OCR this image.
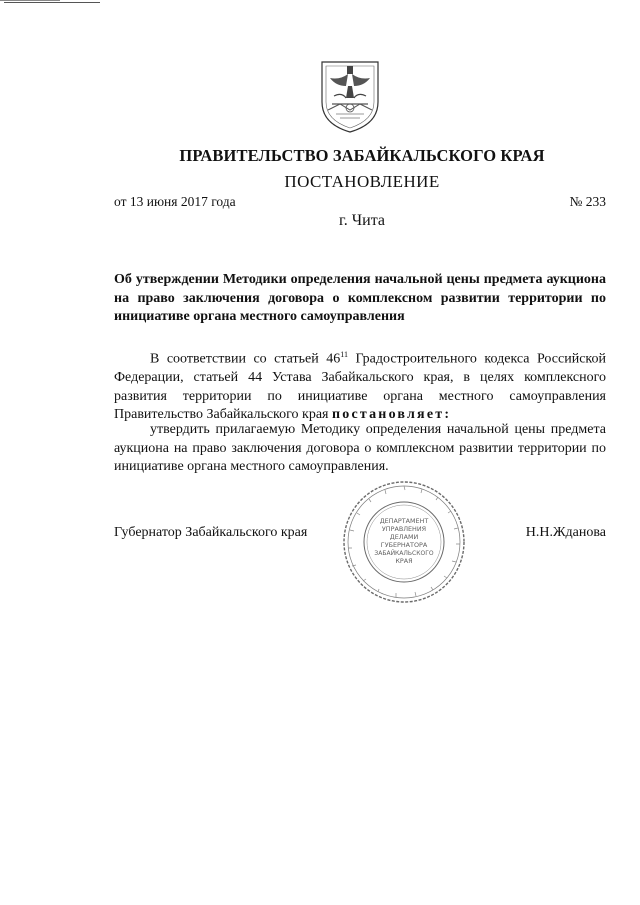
ПРАВИТЕЛЬСТВО ЗАБАЙКАЛЬСКОГО КРАЯ
ПОСТАНОВЛЕНИЕ
от 13 июня 2017 года	№ 233
г. Чита
Об утверждении Методики определения начальной цены предмета аукциона на право заключения договора о комплексном развитии территории по инициативе органа местного самоуправления
В соответствии со статьей $46^{11}$ Градостроительного кодекса Российской Федерации, статьей 44 Устава Забайкальского края, в целях комплексного развития территории по инициативе органа местного самоуправления Правительство Забайкальского края постановляет:
утвердить прилагаемую Методику определения начальной цены предмета аукциона на право заключения договора о комплексном развитии территории по инициативе органа местного самоуправления.
Губернатор Забайкальского края	Н.Н.Жданова
ДЕПАРТАМЕНТ
УПРАВЛЕНИЯ
ДЕЛАМИ
ГУБЕРНАТОРА
ЗАБАЙКАЛЬСКОГО
КРАЯ
